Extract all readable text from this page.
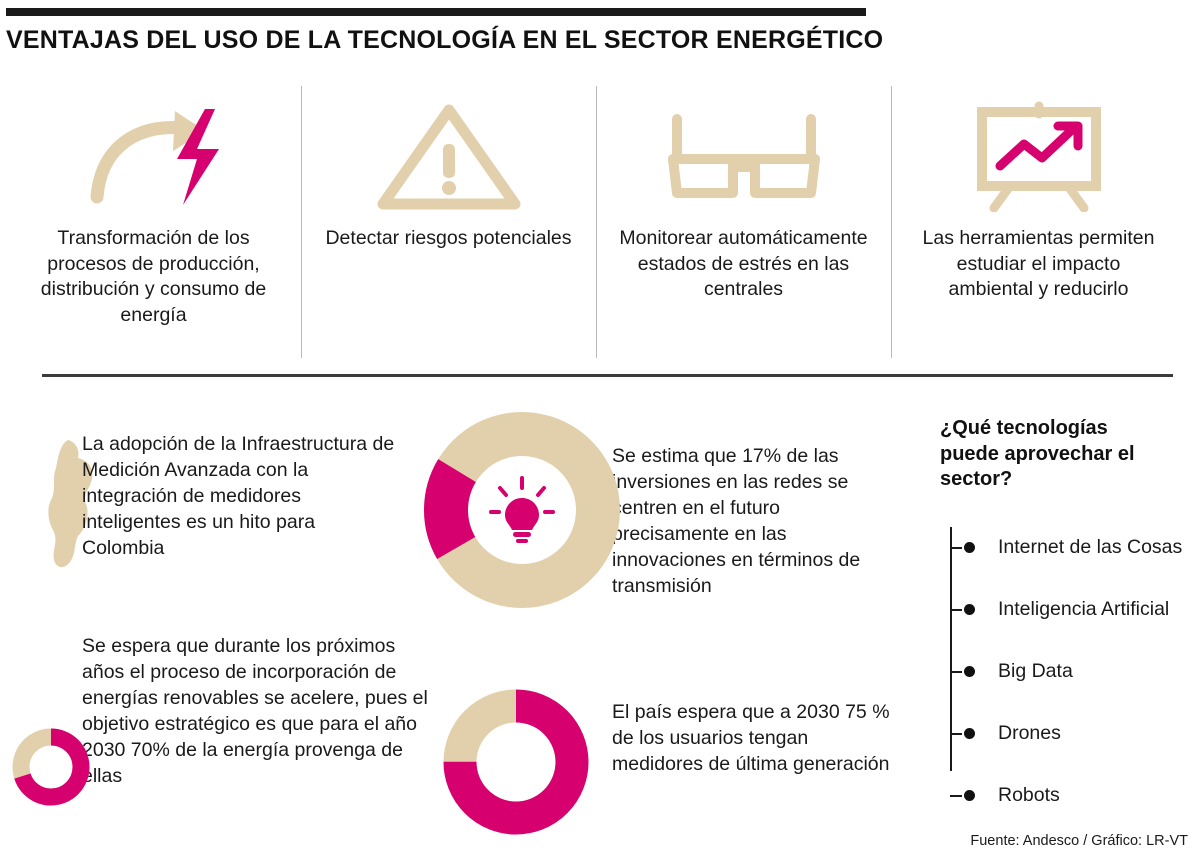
VENTAJAS DEL USO DE LA TECNOLOGÍA EN EL SECTOR ENERGÉTICO
Transformación de los procesos de producción, distribución y consumo de energía
Detectar riesgos potenciales Monitorear automáticamente estados de estrés en las centrales
Las herramientas permiten estudiar el impacto ambiental y reducirlo
La adopción de la Infraestructura de Medición Avanzada con la integración de medidores inteligentes es un hito para Colombia
Se espera que durante los próximos años el proceso de incorporación de energías renovables se acelere, pues el objetivo estratégico es que para el año 2030 70% de la energía provenga de ellas
Se estima que 17% de las inversiones en las redes se centren en el futuro precisamente en las innovaciones en términos de transmisión
El país espera que a 2030 75 % de los usuarios tengan medidores de última generación
¿Qué tecnologías puede aprovechar el sector?
Internet de las Cosas
Inteligencia Artificial
Big Data
Drones
Robots
Fuente: Andesco / Gráfico: LR-VT
